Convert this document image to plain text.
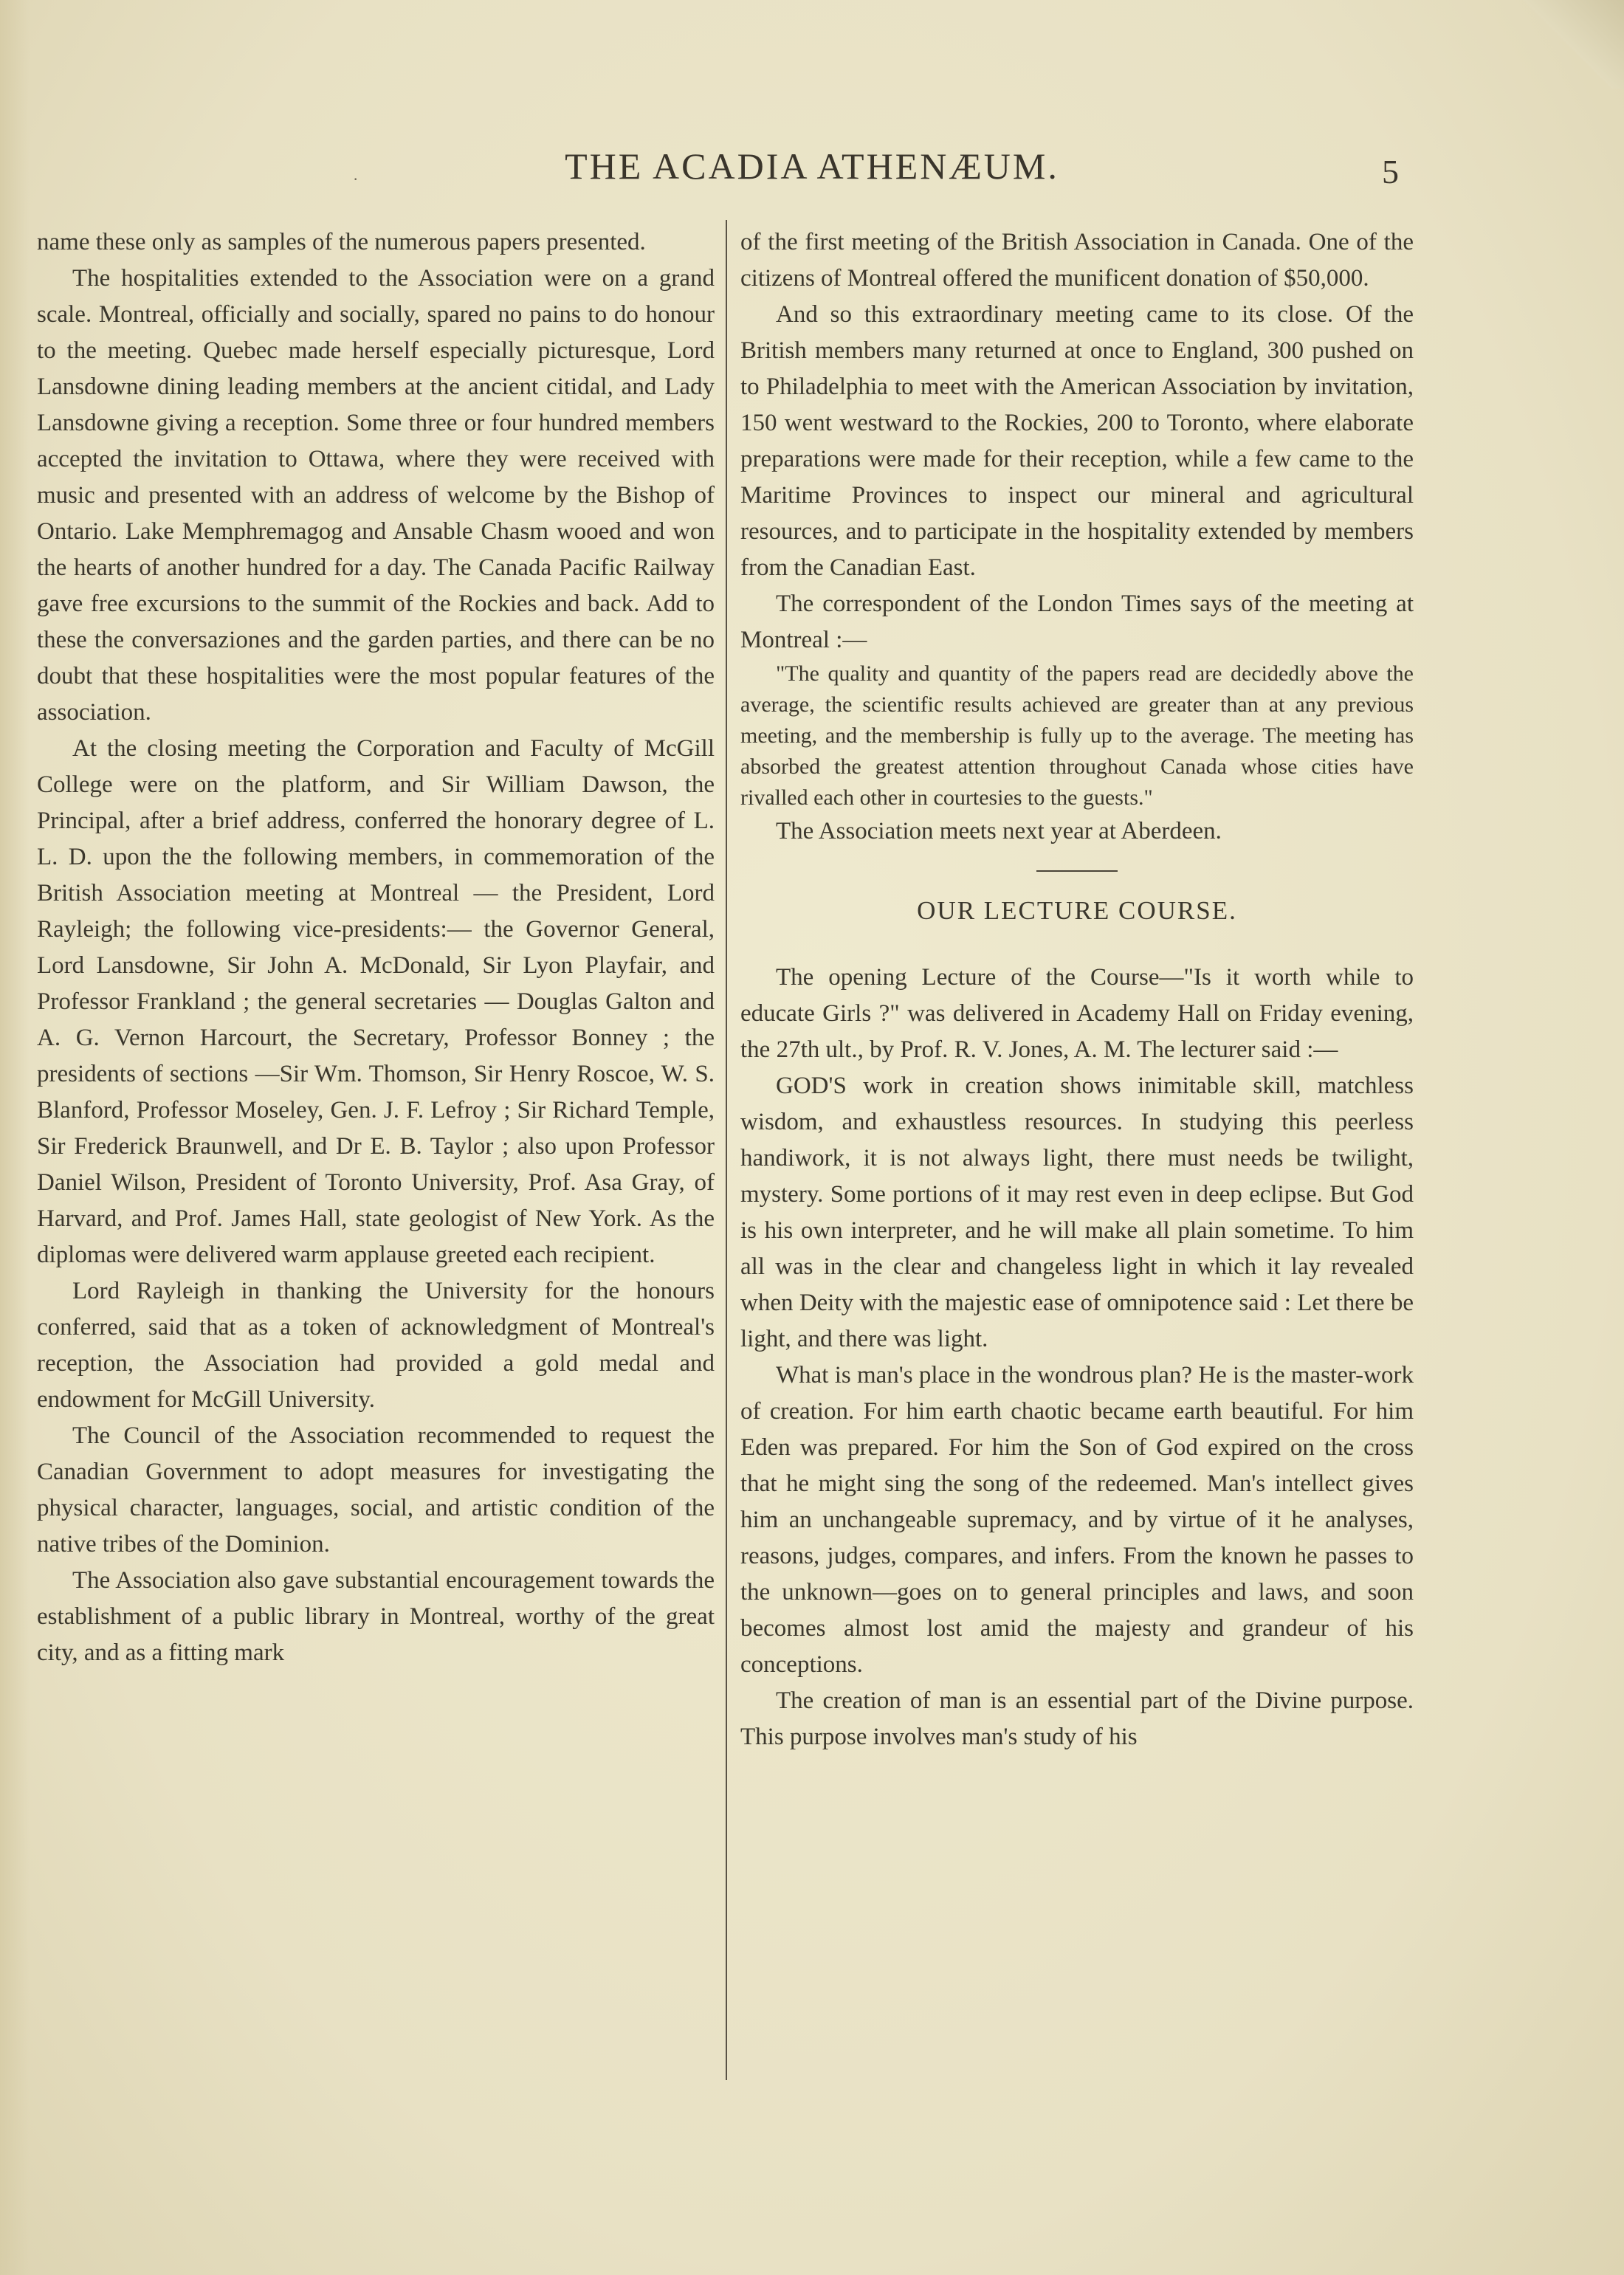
·	THE ACADIA ATHENÆUM.	5

name these only as samples of the numerous papers presented.

The hospitalities extended to the Association were on a grand scale. Montreal, officially and socially, spared no pains to do honour to the meeting. Quebec made herself especially picturesque, Lord Lansdowne dining leading members at the ancient citidal, and Lady Lansdowne giving a reception. Some three or four hundred members accepted the invitation to Ottawa, where they were received with music and presented with an address of welcome by the Bishop of Ontario. Lake Memphremagog and Ansable Chasm wooed and won the hearts of another hundred for a day. The Canada Pacific Railway gave free excursions to the summit of the Rockies and back. Add to these the conversaziones and the garden parties, and there can be no doubt that these hospitalities were the most popular features of the association.

At the closing meeting the Corporation and Faculty of McGill College were on the platform, and Sir William Dawson, the Principal, after a brief address, conferred the honorary degree of L. L. D. upon the the following members, in commemoration of the British Association meeting at Montreal — the President, Lord Rayleigh; the following vice-presidents:— the Governor General, Lord Lansdowne, Sir John A. McDonald, Sir Lyon Playfair, and Professor Frankland ; the general secretaries — Douglas Galton and A. G. Vernon Harcourt, the Secretary, Professor Bonney ; the presidents of sections —Sir Wm. Thomson, Sir Henry Roscoe, W. S. Blanford, Professor Moseley, Gen. J. F. Lefroy ; Sir Richard Temple, Sir Frederick Braunwell, and Dr E. B. Taylor ; also upon Professor Daniel Wilson, President of Toronto University, Prof. Asa Gray, of Harvard, and Prof. James Hall, state geologist of New York. As the diplomas were delivered warm applause greeted each recipient.

Lord Rayleigh in thanking the University for the honours conferred, said that as a token of acknowledgment of Montreal's reception, the Association had provided a gold medal and endowment for McGill University.

The Council of the Association recommended to request the Canadian Government to adopt measures for investigating the physical character, languages, social, and artistic condition of the native tribes of the Dominion.

The Association also gave substantial encouragement towards the establishment of a public library in Montreal, worthy of the great city, and as a fitting mark

of the first meeting of the British Association in Canada. One of the citizens of Montreal offered the munificent donation of $50,000.

And so this extraordinary meeting came to its close. Of the British members many returned at once to England, 300 pushed on to Philadelphia to meet with the American Association by invitation, 150 went westward to the Rockies, 200 to Toronto, where elaborate preparations were made for their reception, while a few came to the Maritime Provinces to inspect our mineral and agricultural resources, and to participate in the hospitality extended by members from the Canadian East.

The correspondent of the London Times says of the meeting at Montreal :—

"The quality and quantity of the papers read are decidedly above the average, the scientific results achieved are greater than at any previous meeting, and the membership is fully up to the average. The meeting has absorbed the greatest attention throughout Canada whose cities have rivalled each other in courtesies to the guests."

The Association meets next year at Aberdeen.

OUR LECTURE COURSE.

The opening Lecture of the Course—"Is it worth while to educate Girls ?" was delivered in Academy Hall on Friday evening, the 27th ult., by Prof. R. V. Jones, A. M. The lecturer said :—

GOD'S work in creation shows inimitable skill, matchless wisdom, and exhaustless resources. In studying this peerless handiwork, it is not always light, there must needs be twilight, mystery. Some portions of it may rest even in deep eclipse. But God is his own interpreter, and he will make all plain sometime. To him all was in the clear and changeless light in which it lay revealed when Deity with the majestic ease of omnipotence said : Let there be light, and there was light.

What is man's place in the wondrous plan? He is the master-work of creation. For him earth chaotic became earth beautiful. For him Eden was prepared. For him the Son of God expired on the cross that he might sing the song of the redeemed. Man's intellect gives him an unchangeable supremacy, and by virtue of it he analyses, reasons, judges, compares, and infers. From the known he passes to the unknown—goes on to general principles and laws, and soon becomes almost lost amid the majesty and grandeur of his conceptions.

The creation of man is an essential part of the Divine purpose. This purpose involves man's study of his
